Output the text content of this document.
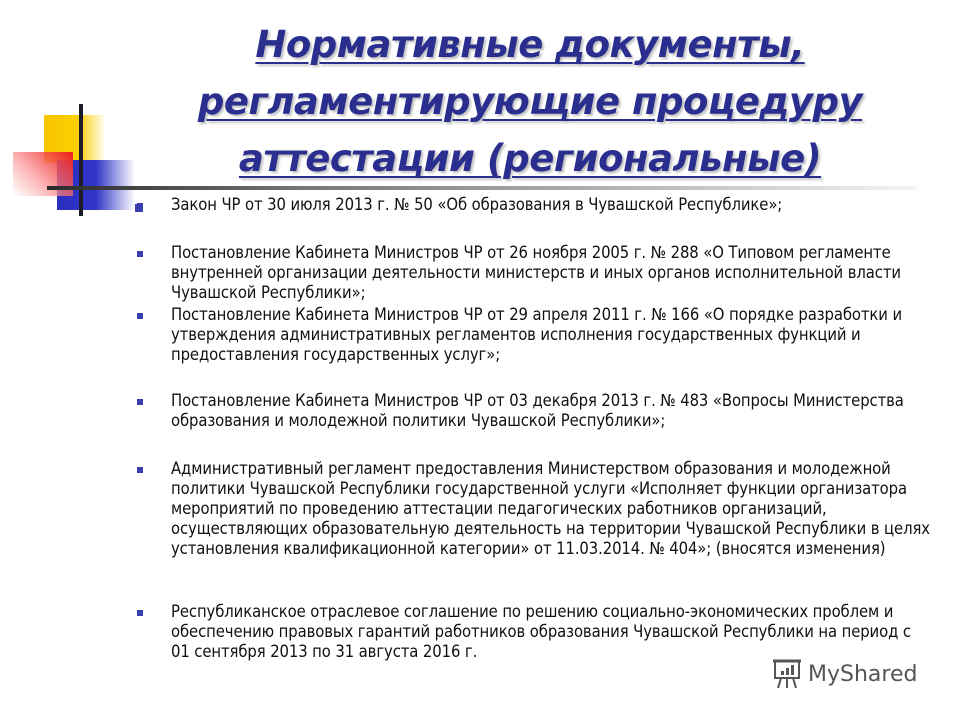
Нормативные документы,
регламентирующие процедуру
аттестации (региональные)
Закон ЧР от 30 июля 2013 г. № 50 «Об образования в Чувашской Республике»;
Постановление Кабинета Министров ЧР от 26 ноября 2005 г. № 288 «О Типовом регламенте внутренней организации деятельности министерств и иных органов исполнительной власти Чувашской Республики»;
Постановление Кабинета Министров ЧР от 29 апреля 2011 г. № 166 «О порядке разработки и утверждения административных регламентов исполнения государственных функций и предоставления государственных услуг»;
Постановление Кабинета Министров ЧР от 03 декабря 2013 г. № 483 «Вопросы Министерства образования и молодежной политики Чувашской Республики»;
Административный регламент предоставления Министерством образования и молодежной политики Чувашской Республики государственной услуги «Исполняет функции организатора мероприятий по проведению аттестации педагогических работников организаций, осуществляющих образовательную деятельность на территории Чувашской Республики в целях установления квалификационной категории» от 11.03.2014. № 404»; (вносятся изменения)
Республиканское отраслевое соглашение по решению социально-экономических проблем и обеспечению правовых гарантий работников образования Чувашской Республики на период с 01 сентября 2013 по 31 августа 2016 г.
MyShared
